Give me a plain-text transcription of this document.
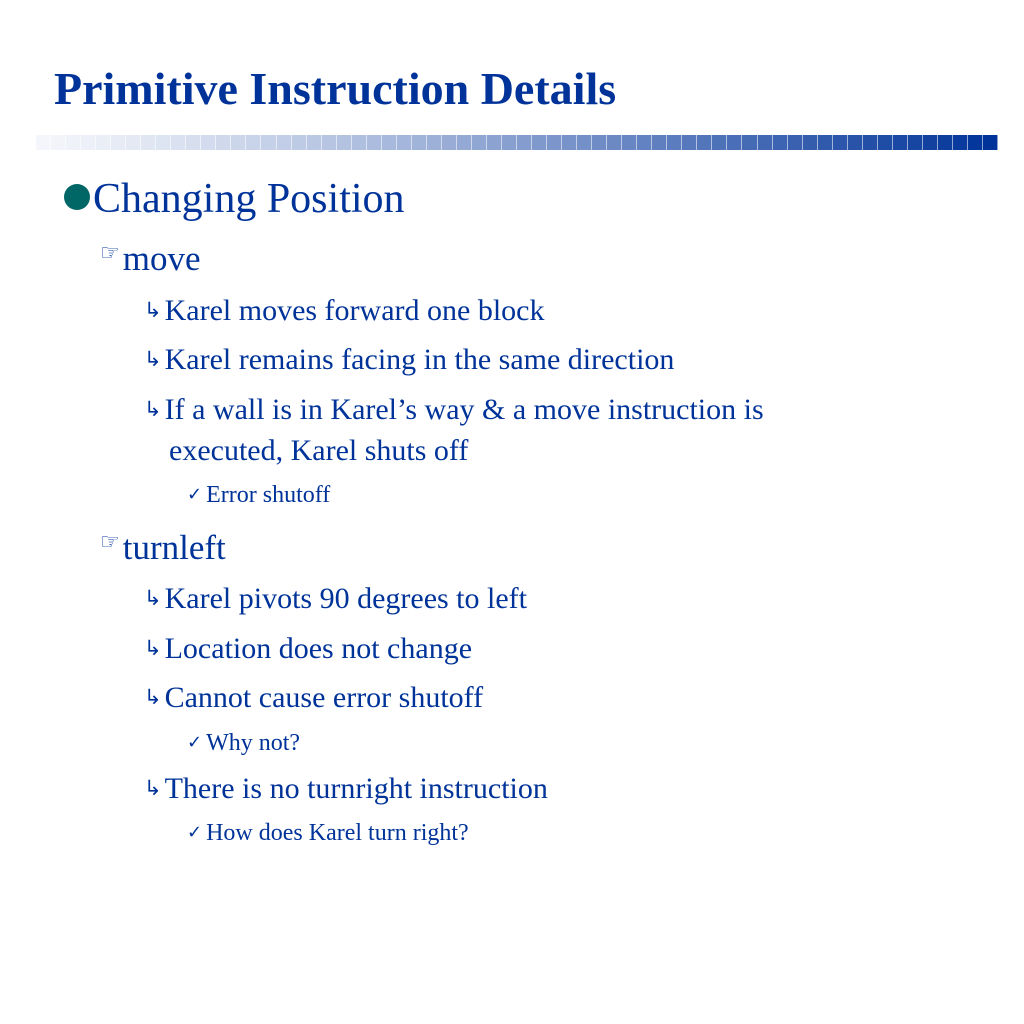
Primitive Instruction Details
Changing Position
☞move
↳ Karel moves forward one block
↳ Karel remains facing in the same direction
↳ If a wall is in Karel’s way & a move instruction is
executed, Karel shuts off
✓ Error shutoff
☞turnleft
↳ Karel pivots 90 degrees to left
↳ Location does not change
↳ Cannot cause error shutoff
✓ Why not?
↳ There is no turnright instruction
✓ How does Karel turn right?
